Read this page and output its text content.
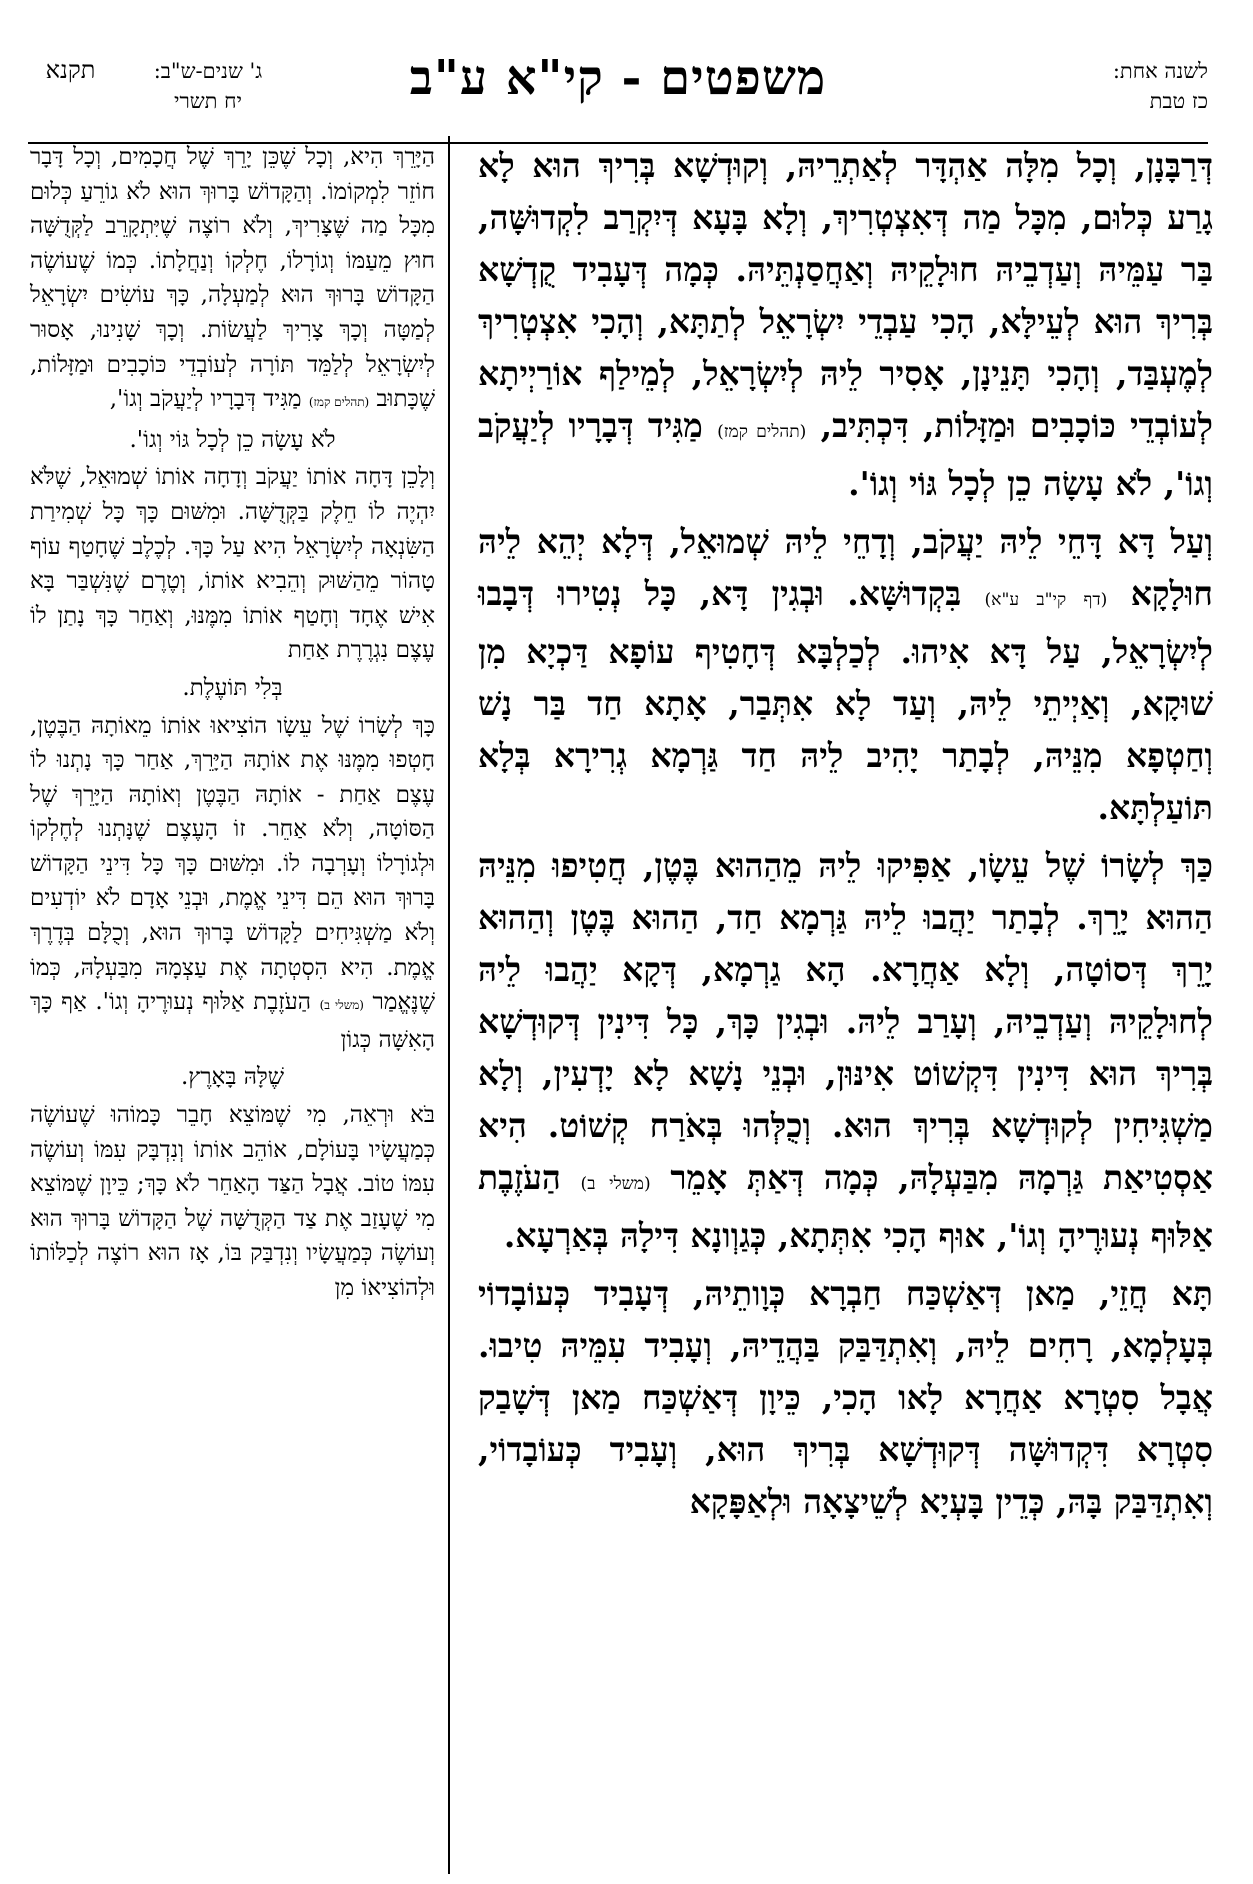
לשנה אחת:
כז טבת
משפטים - קי"א ע"ב
ג' שנים-ש"ב:
יח תשרי
תקנא

דְּרַבָּנָן, וְכָל מִלָּה אַהְדָּר לְאַתְרֵיהּ, וְקוּדְשָׁא בְּרִיךְ הוּא לָא גָרַע כְּלוּם, מִכָּל מַה דְּאִצְטְרִיךְ, וְלָא בָּעָא דְּיִקְרַב לִקְדוּשָּׁה, בַּר עַמֵּיהּ וְעַדְבֵיהּ חוּלָקֵיהּ וְאַחֲסַנְתֵּיהּ. כְּמָה דְּעָבִיד קֻדְשָׁא בְּרִיךְ הוּא לְעֵילָּא, הָכִי עַבְדֵי יִשְׂרָאֵל לְתַתָּא, וְהָכִי אִצְטְרִיךְ לְמֶעְבַּד, וְהָכִי תָּנֵינָן, אָסִיר לֵיהּ לְיִשְׂרָאֵל, לְמֵילַף אוֹרַיְיתָא לְעוֹבְדֵי כּוֹכָבִים וּמַזָּלוֹת, דִּכְתִּיב, (תהלים קמז) מַגִּיד דְּבָרָיו לְיַעֲקֹב וְגוֹ', לֹא עָשָׂה כֵן לְכָל גּוֹי וְגוֹ'.

וְעַל דָּא דָּחֵי לֵיהּ יַעֲקֹב, וְדָחֵי לֵיהּ שְׁמוּאֵל, דְּלָא יְהֵא לֵיהּ חוּלָקָא (דף קי"ב ע"א) בִּקְדוּשָּׁא. וּבְגִין דָּא, כָּל נְטִירוּ דְּבָבוּ לְיִשְׂרָאֵל, עַל דָּא אִיהוּ. לְכַלְבָּא דְּחָטִיף עוֹפָא דַּכְיָא מִן שׁוּקָא, וְאַיְיתֵי לֵיהּ, וְעַד לָא אִתְּבַר, אָתָא חַד בַּר נָשׁ וְחַטְפָא מִנֵּיהּ, לְבָתַר יָהִיב לֵיהּ חַד גַּרְמָא גְרִירָא בְּלָא תּוֹעַלְתָּא.

כַּךְ לְשָׂרוֹ שֶׁל עֵשָׂו, אַפִּיקוּ לֵיהּ מֵהַהוּא בֶּטֶן, חֲטִיפוּ מִנֵּיהּ הַהוּא יָרֵךְ. לְבָתַר יַהֲבוּ לֵיהּ גַּרְמָא חַד, הַהוּא בֶּטֶן וְהַהוּא יָרֵךְ דְּסוֹטָה, וְלָא אַחֲרָא. הָא גַרְמָא, דְּקָא יַהֲבוּ לֵיהּ לְחוּלָקֵיהּ וְעַדְבֵיהּ, וְעָרַב לֵיהּ. וּבְגִין כָּךְ, כָּל דִּינִין דְּקוּדְשָׁא בְּרִיךְ הוּא דִּינִין דִּקְשׁוֹט אִינּוּן, וּבְנֵי נָשָׁא לָא יָדְעִין, וְלָא מַשְׁגִּיחִין לְקוּדְשָׁא בְּרִיךְ הוּא. וְכֻלְּהוּ בְּאֹרַח קְשׁוֹט. הִיא אַסְטִיאַת גַּרְמָהּ מִבַּעְלָהּ, כְּמָה דְּאַתְּ אָמֵר (משלי ב) הַעֹזֶבֶת אַלּוּף נְעוּרֶיהָ וְגוֹ', אוּף הָכִי אִתְּתָא, כְּגַוְונָא דִּילָהּ בְּאַרְעָא.

תָּא חֲזֵי, מַאן דְּאַשְׁכַּח חַבְרָא כְּוָותֵיהּ, דְּעָבִיד כְּעוֹבָדוֹי בְּעָלְמָא, רָחִים לֵיהּ, וְאִתְדַּבַּק בַּהֲדֵיהּ, וְעָבִיד עִמֵּיהּ טִיבוּ. אֲבָל סִטְרָא אַחֲרָא לָאו הָכִי, כֵּיוָן דְּאַשְׁכַּח מַאן דְּשָׁבַק סִטְרָא דִּקְדוּשָּׁה דְּקוּדְשָׁא בְּרִיךְ הוּא, וְעָבִיד כְּעוֹבָדוֹי, וְאִתְדַּבַּק בָּהּ, כְּדֵין בָּעְיָא לְשֵׁיצָאָה וּלְאַפָּקָא

הַיָּרֵךְ הִיא, וְכָל שֶׁכֵּן יָרֵךְ שֶׁל חֲכָמִים, וְכָל דָּבָר חוֹזֵר לִמְקוֹמוֹ. וְהַקָּדוֹשׁ בָּרוּךְ הוּא לֹא גוֹרֵעַ כְּלוּם מִכָּל מַה שֶּׁצָּרִיךְ, וְלֹא רוֹצֶה שֶׁיִּתְקָרֵב לַקְּדֻשָּׁה חוּץ מֵעַמּוֹ וְגוֹרָלוֹ, חֶלְקוֹ וְנַחֲלָתוֹ. כְּמוֹ שֶׁעוֹשֶׂה הַקָּדוֹשׁ בָּרוּךְ הוּא לְמַעְלָה, כָּךְ עוֹשִׂים יִשְׂרָאֵל לְמַטָּה וְכָךְ צָרִיךְ לַעֲשׂוֹת. וְכָךְ שָׁנִינוּ, אָסוּר לְיִשְׂרָאֵל לְלַמֵּד תּוֹרָה לְעוֹבְדֵי כּוֹכָבִים וּמַזָּלוֹת, שֶׁכָּתוּב (תהלים קמז) מַגִּיד דְּבָרָיו לְיַעֲקֹב וְגוֹ',

לֹא עָשָׂה כֵן לְכָל גּוֹי וְגוֹ'.

וְלָכֵן דָּחָה אוֹתוֹ יַעֲקֹב וְדָחָה אוֹתוֹ שְׁמוּאֵל, שֶׁלֹּא יִהְיֶה לוֹ חֵלֶק בַּקְּדֻשָּׁה. וּמִשּׁוּם כָּךְ כָּל שְׁמִירַת הַשִּׂנְאָה לְיִשְׂרָאֵל הִיא עַל כָּךְ. לְכֶלֶב שֶׁחָטַף עוֹף טָהוֹר מֵהַשּׁוּק וְהֵבִיא אוֹתוֹ, וְטֶרֶם שֶׁנִּשְׁבַּר בָּא אִישׁ אֶחָד וְחָטַף אוֹתוֹ מִמֶּנּוּ, וְאַחַר כָּךְ נָתַן לוֹ עֶצֶם נִגְרֶרֶת אַחַת

בְּלִי תּוֹעֶלֶת.

כָּךְ לְשָׂרוֹ שֶׁל עֵשָׂו הוֹצִיאוּ אוֹתוֹ מֵאוֹתָהּ הַבֶּטֶן, חָטְפוּ מִמֶּנּוּ אֶת אוֹתָהּ הַיָּרֵךְ, אַחַר כָּךְ נָתְנוּ לוֹ עֶצֶם אַחַת - אוֹתָהּ הַבֶּטֶן וְאוֹתָהּ הַיָּרֵךְ שֶׁל הַסּוֹטָה, וְלֹא אַחֵר. זוֹ הָעֶצֶם שֶׁנָּתְנוּ לְחֶלְקוֹ וּלְגוֹרָלוֹ וְעָרְבָה לוֹ. וּמִשּׁוּם כָּךְ כָּל דִּינֵי הַקָּדוֹשׁ בָּרוּךְ הוּא הֵם דִּינֵי אֱמֶת, וּבְנֵי אָדָם לֹא יוֹדְעִים וְלֹא מַשְׁגִּיחִים לַקָּדוֹשׁ בָּרוּךְ הוּא, וְכֻלָּם בְּדֶרֶךְ אֱמֶת. הִיא הִסְטְתָה אֶת עַצְמָהּ מִבַּעְלָהּ, כְּמוֹ שֶׁנֶּאֱמַר (משלי ב) הַעֹזֶבֶת אַלּוּף נְעוּרֶיהָ וְגוֹ'. אַף כָּךְ הָאִשָּׁה כְּגוֹן

שֶׁלָּהּ בָּאָרֶץ.

בֹּא וּרְאֵה, מִי שֶׁמּוֹצֵא חָבֵר כָּמוֹהוּ שֶׁעוֹשֶׂה כְּמַעֲשָׂיו בָּעוֹלָם, אוֹהֵב אוֹתוֹ וְנִדְבָּק עִמּוֹ וְעוֹשֶׂה עִמּוֹ טוֹב. אֲבָל הַצַּד הָאַחֵר לֹא כָּךְ; כֵּיוָן שֶׁמּוֹצֵא מִי שֶׁעָזַב אֶת צַד הַקְּדֻשָּׁה שֶׁל הַקָּדוֹשׁ בָּרוּךְ הוּא וְעוֹשֶׂה כְּמַעֲשָׂיו וְנִדְבַּק בּוֹ, אָז הוּא רוֹצֶה לְכַלּוֹתוֹ וּלְהוֹצִיאוֹ מִן
